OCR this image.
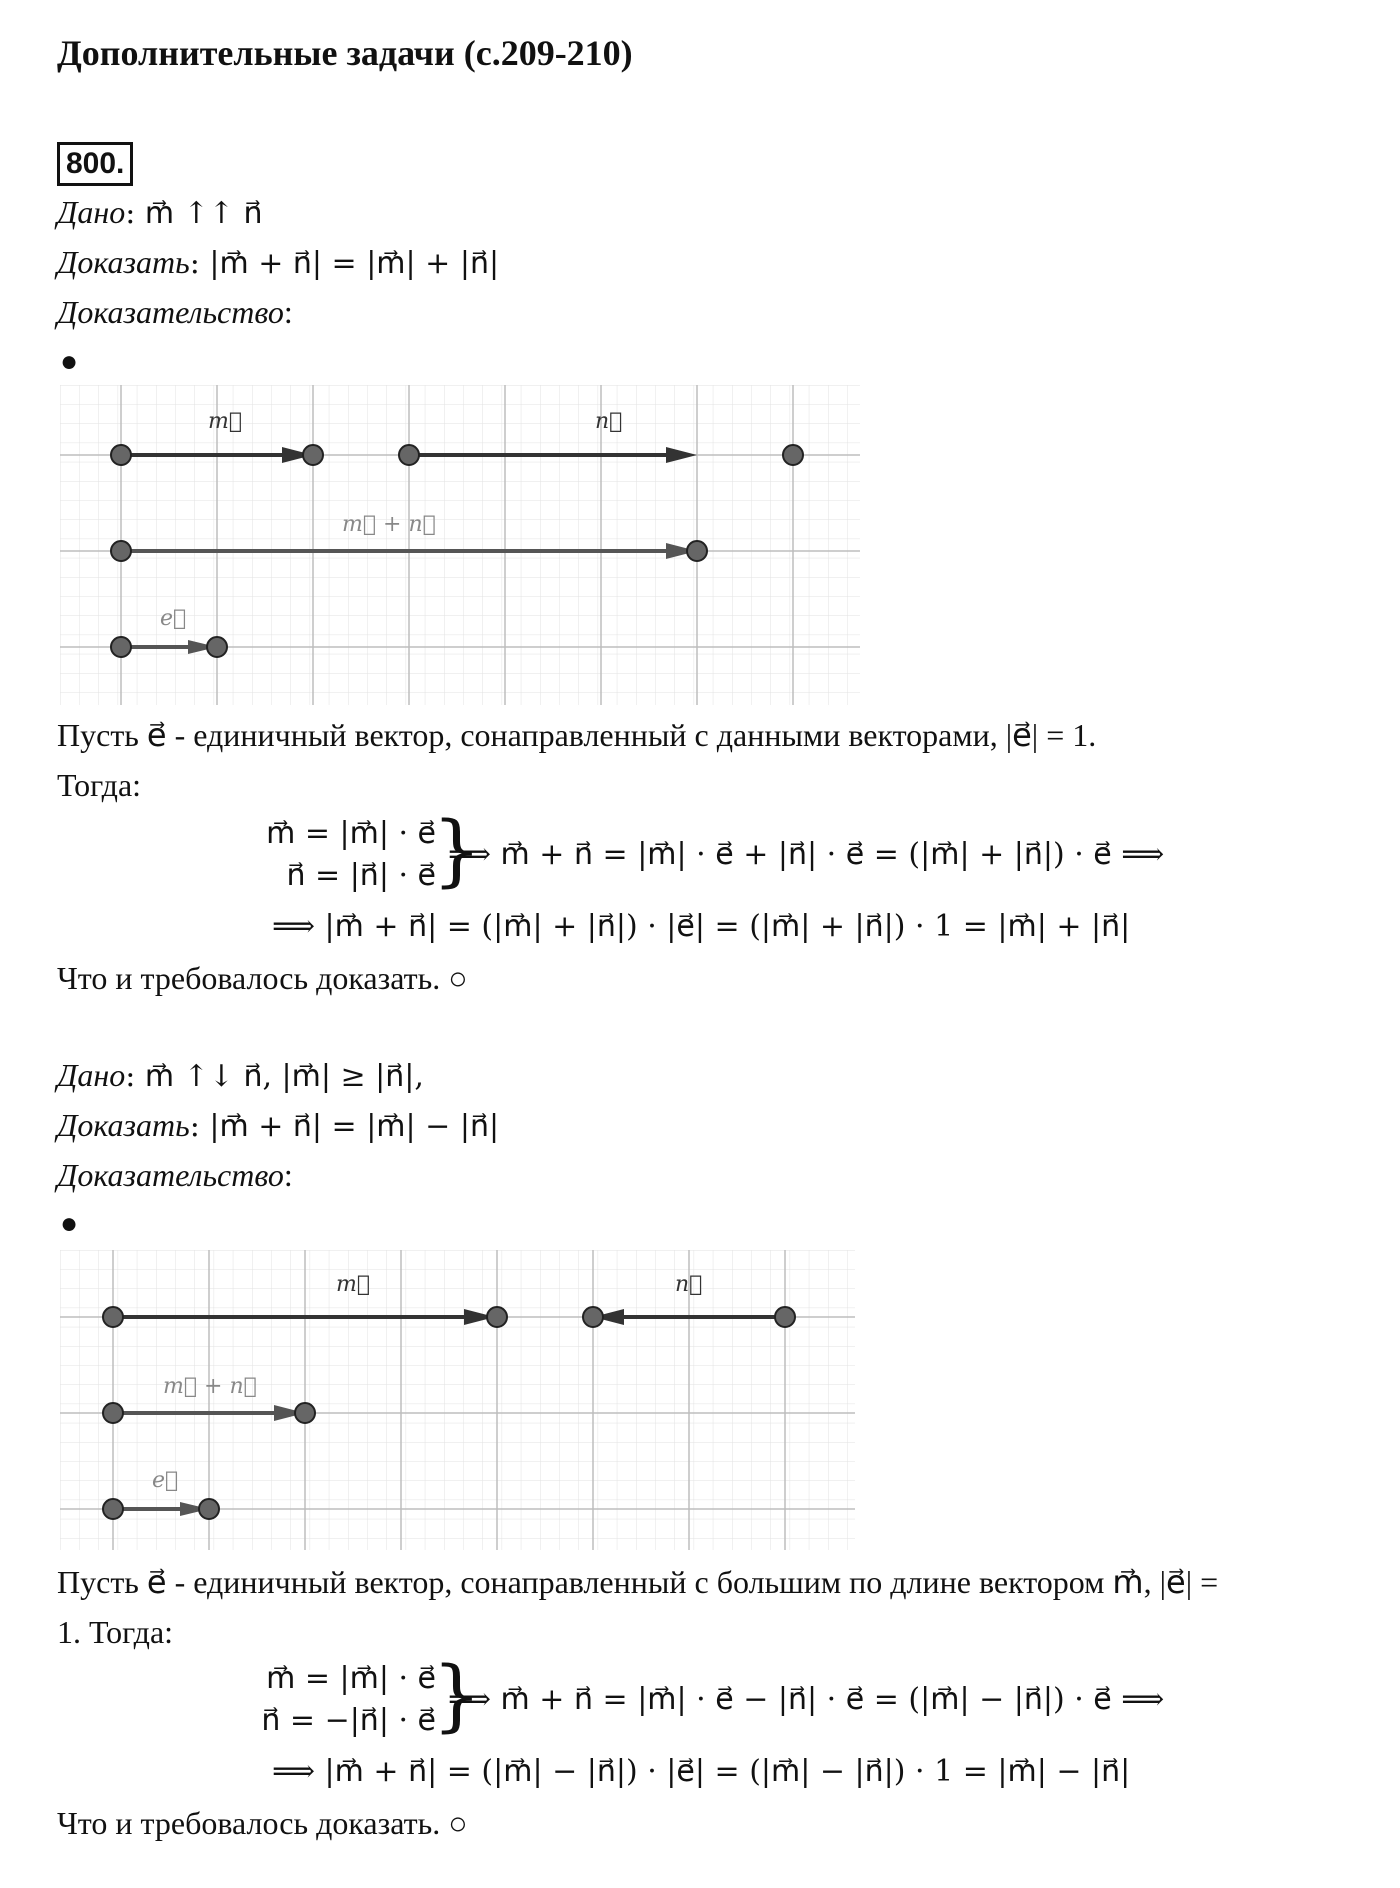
Дополнительные задачи (с.209-210)
800.
Дано: m⃗ ↑↑ n⃗
Доказать: |m⃗ + n⃗| = |m⃗| + |n⃗|
Доказательство:
●
m⃗	n⃗
m⃗ + n⃗
e⃗
Пусть e⃗ - единичный вектор, сонаправленный с данными векторами, |e⃗| = 1.
Тогда:
m⃗ = |m⃗| · e⃗
n⃗ = |n⃗| · e⃗
}
⟹ m⃗ + n⃗ = |m⃗| · e⃗ + |n⃗| · e⃗ = (|m⃗| + |n⃗|) · e⃗ ⟹
⟹ |m⃗ + n⃗| = (|m⃗| + |n⃗|) · |e⃗| = (|m⃗| + |n⃗|) · 1 = |m⃗| + |n⃗|
Что и требовалось доказать. ○
Дано: m⃗ ↑↓ n⃗, |m⃗| ≥ |n⃗|,
Доказать: |m⃗ + n⃗| = |m⃗| − |n⃗|
Доказательство:
●
m⃗	n⃗
m⃗ + n⃗
e⃗
Пусть e⃗ - единичный вектор, сонаправленный с большим по длине вектором m⃗, |e⃗| =
1. Тогда:
m⃗ = |m⃗| · e⃗
n⃗ = −|n⃗| · e⃗
}
⟹ m⃗ + n⃗ = |m⃗| · e⃗ − |n⃗| · e⃗ = (|m⃗| − |n⃗|) · e⃗ ⟹
⟹ |m⃗ + n⃗| = (|m⃗| − |n⃗|) · |e⃗| = (|m⃗| − |n⃗|) · 1 = |m⃗| − |n⃗|
Что и требовалось доказать. ○
